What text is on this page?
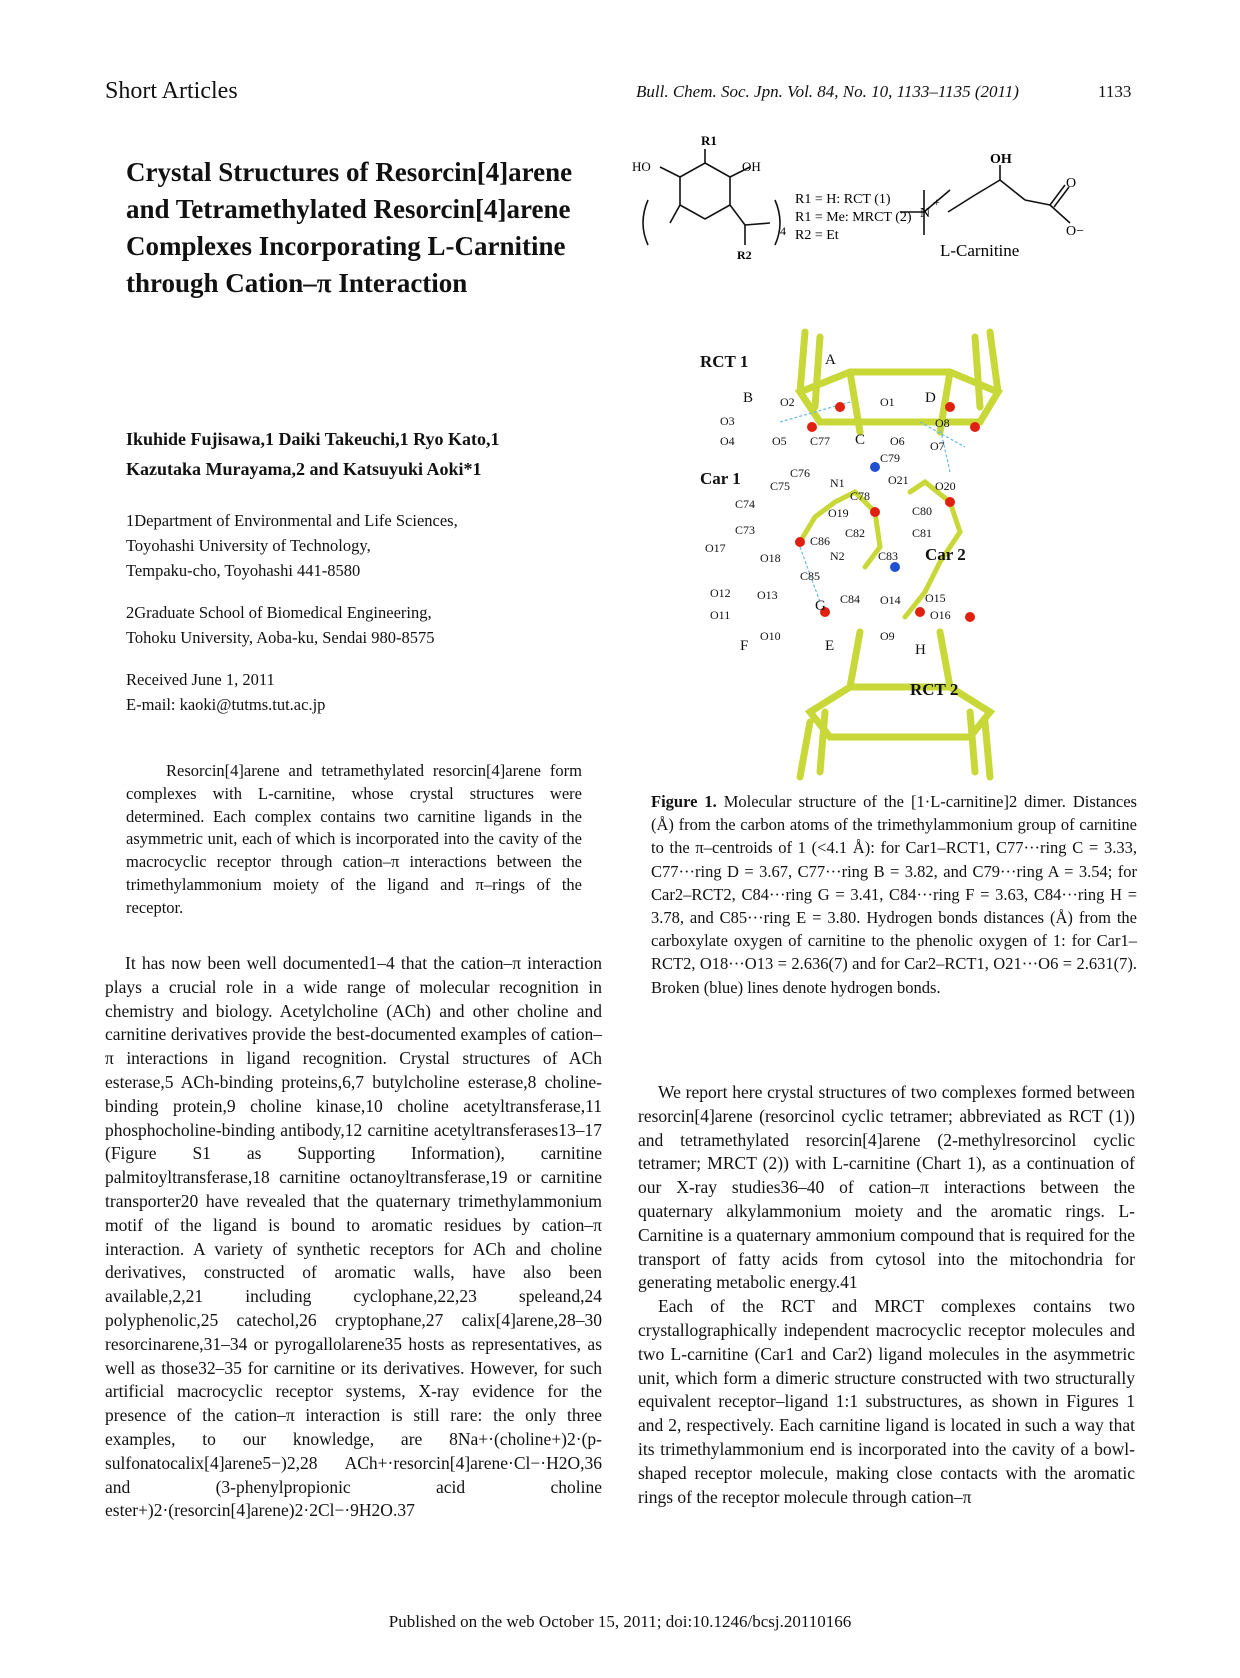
Short Articles	Bull. Chem. Soc. Jpn. Vol. 84, No. 10, 1133–1135 (2011)	1133
Crystal Structures of Resorcin[4]arene and Tetramethylated Resorcin[4]arene Complexes Incorporating L-Carnitine through Cation–π Interaction
Ikuhide Fujisawa,1 Daiki Takeuchi,1 Ryo Kato,1
Kazutaka Murayama,2 and Katsuyuki Aoki*1

1Department of Environmental and Life Sciences,

Toyohashi University of Technology,

Tempaku-cho, Toyohashi 441-8580

2Graduate School of Biomedical Engineering,

Tohoku University, Aoba-ku, Sendai 980-8575

Received June 1, 2011

E-mail: kaoki@tutms.tut.ac.jp

Resorcin[4]arene and tetramethylated resorcin[4]arene form complexes with L-carnitine, whose crystal structures were determined. Each complex contains two carnitine ligands in the asymmetric unit, each of which is incorporated into the cavity of the macrocyclic receptor through cation–π interactions between the trimethylammonium moiety of the ligand and π–rings of the receptor.
It has now been well documented1–4 that the cation–π interaction plays a crucial role in a wide range of molecular recognition in chemistry and biology. Acetylcholine (ACh) and other choline and carnitine derivatives provide the best-documented examples of cation–π interactions in ligand recognition. Crystal structures of ACh esterase,5 ACh-binding proteins,6,7 butylcholine esterase,8 choline-binding protein,9 choline kinase,10 choline acetyltransferase,11 phosphocholine-binding antibody,12 carnitine acetyltransferases13–17 (Figure S1 as Supporting Information), carnitine palmitoyltransferase,18 carnitine octanoyltransferase,19 or carnitine transporter20 have revealed that the quaternary trimethylammonium motif of the ligand is bound to aromatic residues by cation–π interaction. A variety of synthetic receptors for ACh and choline derivatives, constructed of aromatic walls, have also been available,2,21 including cyclophane,22,23 speleand,24 polyphenolic,25 catechol,26 cryptophane,27 calix[4]arene,28–30 resorcinarene,31–34 or pyrogallolarene35 hosts as representatives, as well as those32–35 for carnitine or its derivatives. However, for such artificial macrocyclic receptor systems, X-ray evidence for the presence of the cation–π interaction is still rare: the only three examples, to our knowledge, are 8Na+·(choline+)2·(p-sulfonatocalix[4]arene5−)2,28 ACh+·resorcin[4]arene·Cl−·H2O,36 and (3-phenylpropionic acid choline ester+)2·(resorcin[4]arene)2·2Cl−·9H2O.37

We report here crystal structures of two complexes formed between resorcin[4]arene (resorcinol cyclic tetramer; abbreviated as RCT (1)) and tetramethylated resorcin[4]arene (2-methylresorcinol cyclic tetramer; MRCT (2)) with L-carnitine (Chart 1), as a continuation of our X-ray studies36–40 of cation–π interactions between the quaternary alkylammonium moiety and the aromatic rings. L-Carnitine is a quaternary ammonium compound that is required for the transport of fatty acids from cytosol into the mitochondria for generating metabolic energy.41

Each of the RCT and MRCT complexes contains two crystallographically independent macrocyclic receptor molecules and two L-carnitine (Car1 and Car2) ligand molecules in the asymmetric unit, which form a dimeric structure constructed with two structurally equivalent receptor–ligand 1:1 substructures, as shown in Figures 1 and 2, respectively. Each carnitine ligand is located in such a way that its trimethylammonium end is incorporated into the cavity of a bowl-shaped receptor molecule, making close contacts with the aromatic rings of the receptor molecule through cation–π

R1
HO	OH
4
R2
R1 = H: RCT (1)
R1 = Me: MRCT (2)
R2 = Et
N
+
OH
O
O−
L-Carnitine
RCT 1	A
B
C
D
O2	O1
O3
O4	O5	O6 O7
O8
C77
C79
Car 1	C76
C75	N1
C78
O21 O20
C74	C80
O19
C73	C82	C81
C86
O17
O18	N2	C83 Car 2
C85
O12 O13	C84 O14 O15
G
O11	O16
O10	O9
F	E	H
RCT 2
Figure 1. Molecular structure of the [1·L-carnitine]2 dimer. Distances (Å) from the carbon atoms of the trimethylammonium group of carnitine to the π–centroids of 1 (<4.1 Å): for Car1–RCT1, C77···ring C = 3.33, C77···ring D = 3.67, C77···ring B = 3.82, and C79···ring A = 3.54; for Car2–RCT2, C84···ring G = 3.41, C84···ring F = 3.63, C84···ring H = 3.78, and C85···ring E = 3.80. Hydrogen bonds distances (Å) from the carboxylate oxygen of carnitine to the phenolic oxygen of 1: for Car1–RCT2, O18···O13 = 2.636(7) and for Car2–RCT1, O21···O6 = 2.631(7). Broken (blue) lines denote hydrogen bonds.
Published on the web October 15, 2011; doi:10.1246/bcsj.20110166
